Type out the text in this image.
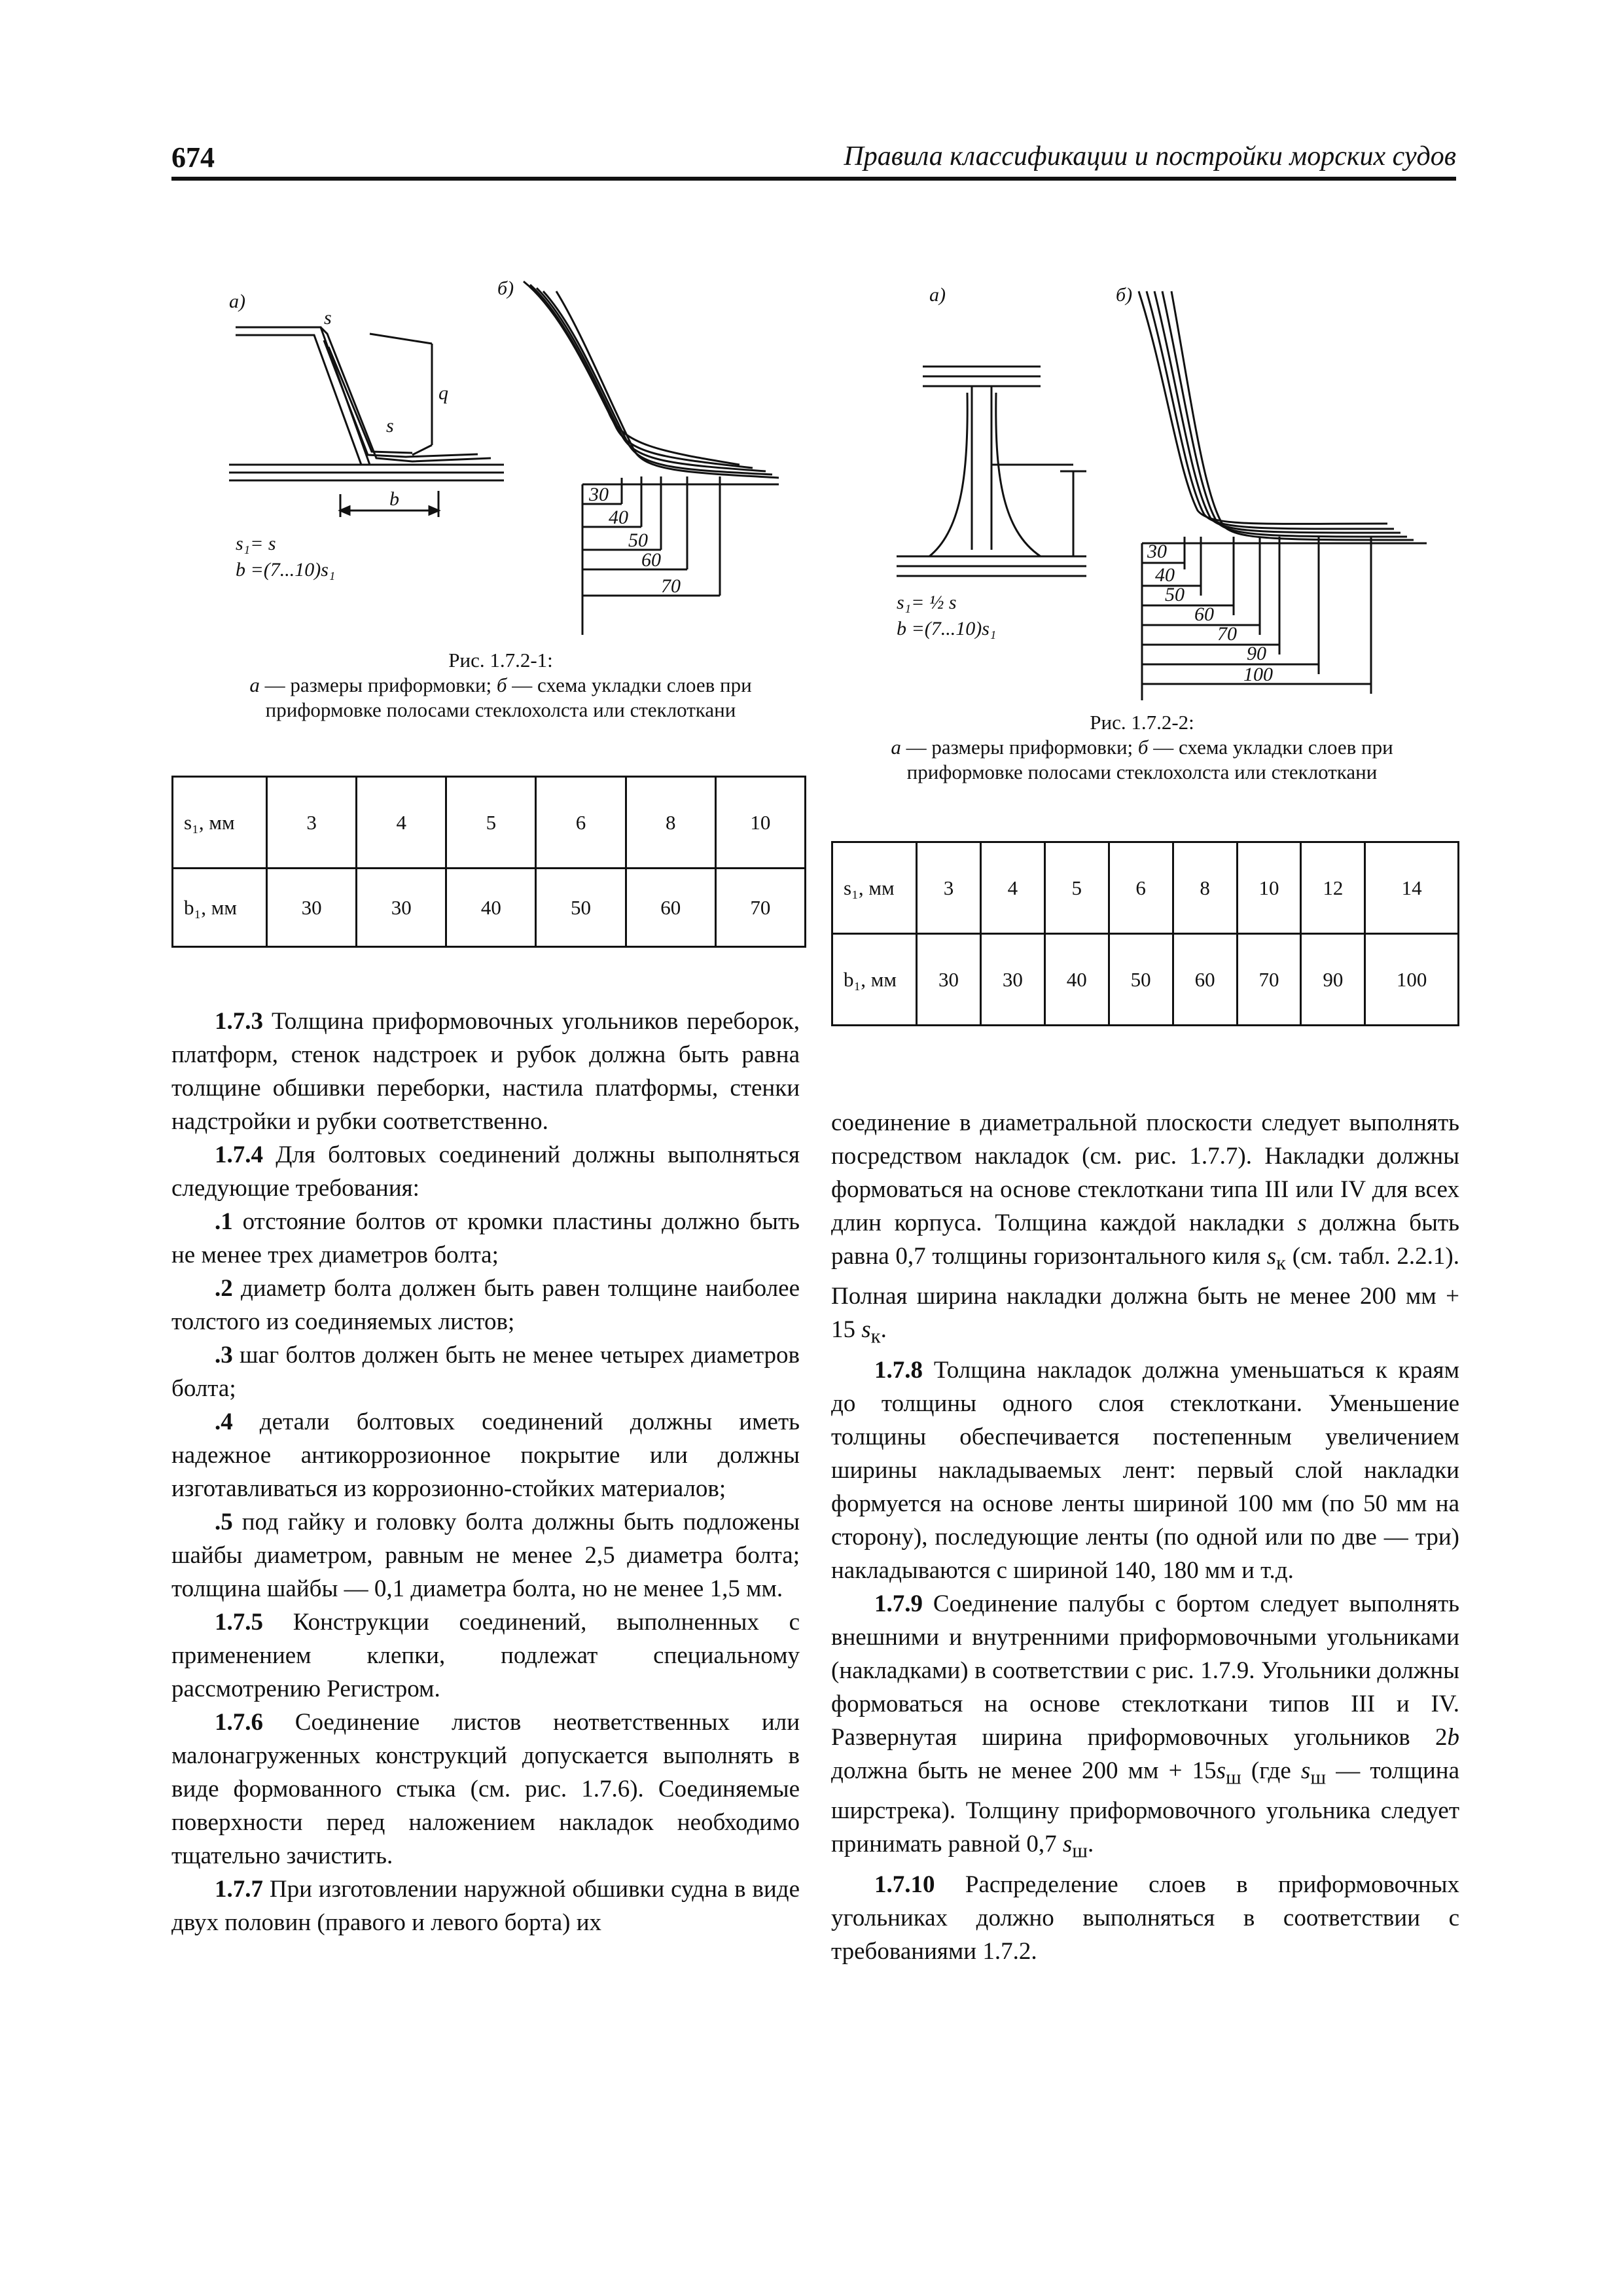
674	Правила классификации и постройки морских судов
а)
б)
s
q
s
b
s₁= s
b =(7...10)s₁
30
40
50
60
70
Рис. 1.7.2-1:
а — размеры приформовки; б — схема укладки слоев при приформовке полосами стеклохолста или стеклоткани
s₁, мм	3	4	5	6	8	10
b₁, мм	30	30	40	50	60	70
а)	б)
s₁= ½ s
b =(7...10)s₁
30
40
50
60
70
90
100
Рис. 1.7.2-2:
а — размеры приформовки; б — схема укладки слоев при приформовке полосами стеклохолста или стеклоткани
s₁, мм	3	4	5	6	8	10	12	14
b₁, мм	30	30	40	50	60	70	90	100

1.7.3 Толщина приформовочных угольников переборок, платформ, стенок надстроек и рубок должна быть равна толщине обшивки переборки, настила платформы, стенки надстройки и рубки соответственно.

1.7.4 Для болтовых соединений должны выполняться следующие требования:

.1 отстояние болтов от кромки пластины должно быть не менее трех диаметров болта;

.2 диаметр болта должен быть равен толщине наиболее толстого из соединяемых листов;

.3 шаг болтов должен быть не менее четырех диаметров болта;

.4 детали болтовых соединений должны иметь надежное антикоррозионное покрытие или должны изготавливаться из коррозионно-стойких материалов;

.5 под гайку и головку болта должны быть подложены шайбы диаметром, равным не менее 2,5 диаметра болта; толщина шайбы — 0,1 диаметра болта, но не менее 1,5 мм.

1.7.5 Конструкции соединений, выполненных с применением клепки, подлежат специальному рассмотрению Регистром.

1.7.6 Соединение листов неответственных или малонагруженных конструкций допускается выполнять в виде формованного стыка (см. рис. 1.7.6). Соединяемые поверхности перед наложением накладок необходимо тщательно зачистить.

1.7.7 При изготовлении наружной обшивки судна в виде двух половин (правого и левого борта) их

соединение в диаметральной плоскости следует выполнять посредством накладок (см. рис. 1.7.7). Накладки должны формоваться на основе стеклоткани типа III или IV для всех длин корпуса. Толщина каждой накладки s должна быть равна 0,7 толщины горизонтального киля $s_к$ (см. табл. 2.2.1). Полная ширина накладки должна быть не менее 200 мм + 15 $s_к$.

1.7.8 Толщина накладок должна уменьшаться к краям до толщины одного слоя стеклоткани. Уменьшение толщины обеспечивается постепенным увеличением ширины накладываемых лент: первый слой накладки формуется на основе ленты шириной 100 мм (по 50 мм на сторону), последующие ленты (по одной или по две — три) накладываются с шириной 140, 180 мм и т.д.

1.7.9 Соединение палубы с бортом следует выполнять внешними и внутренними приформовочными угольниками (накладками) в соответствии с рис. 1.7.9. Угольники должны формоваться на основе стеклоткани типов III и IV. Развернутая ширина приформовочных угольников 2b должна быть не менее 200 мм + $15s_ш$ (где $s_ш$ — толщина ширстрека). Толщину приформовочного угольника следует принимать равной 0,7 $s_ш$.

1.7.10 Распределение слоев в приформовочных угольниках должно выполняться в соответствии с требованиями 1.7.2.
